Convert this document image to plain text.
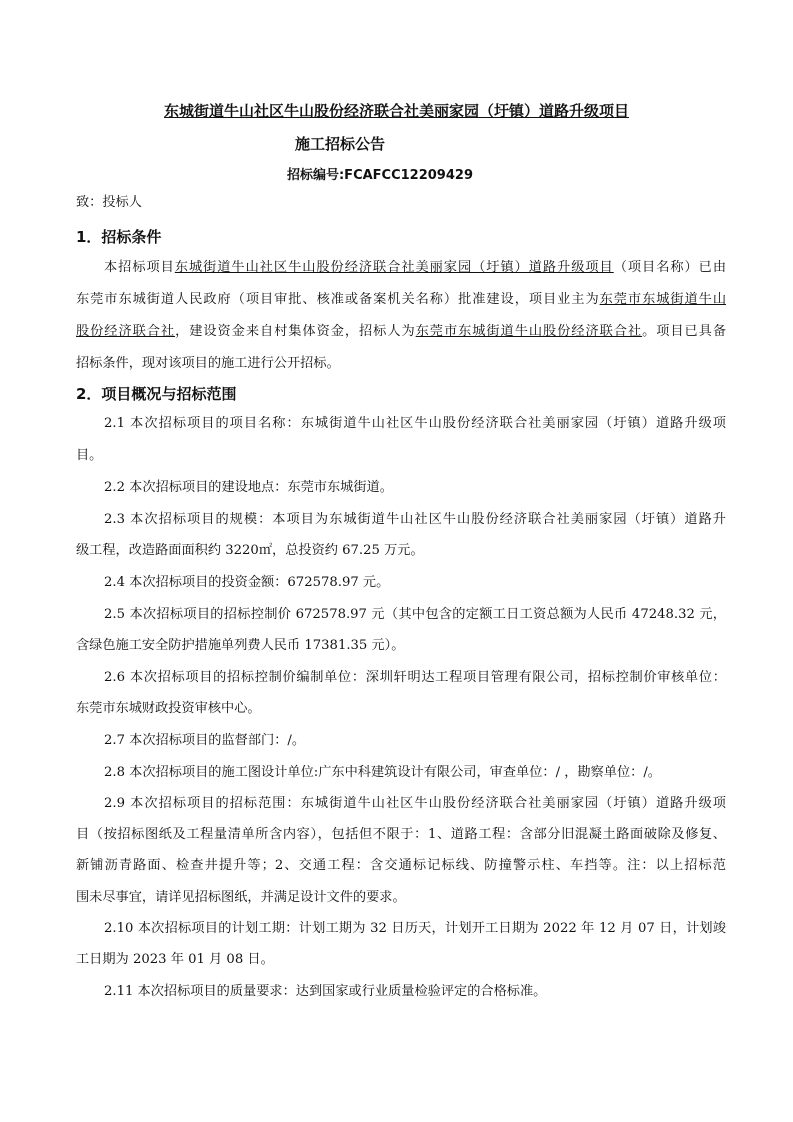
东城街道牛山社区牛山股份经济联合社美丽家园（圩镇）道路升级项目
施工招标公告
招标编号:FCAFCC12209429
致：投标人
1．招标条件
本招标项目东城街道牛山社区牛山股份经济联合社美丽家园（圩镇）道路升级项目（项目名称）已由
东莞市东城街道人民政府（项目审批、核准或备案机关名称）批准建设，项目业主为东莞市东城街道牛山
股份经济联合社，建设资金来自村集体资金，招标人为东莞市东城街道牛山股份经济联合社。项目已具备
招标条件，现对该项目的施工进行公开招标。
2．项目概况与招标范围
2.1 本次招标项目的项目名称：东城街道牛山社区牛山股份经济联合社美丽家园（圩镇）道路升级项
目。
2.2 本次招标项目的建设地点：东莞市东城街道。
2.3 本次招标项目的规模：本项目为东城街道牛山社区牛山股份经济联合社美丽家园（圩镇）道路升
级工程，改造路面面积约 3220㎡，总投资约 67.25 万元。
2.4 本次招标项目的投资金额：672578.97 元。
2.5 本次招标项目的招标控制价 672578.97 元（其中包含的定额工日工资总额为人民币 47248.32 元，
含绿色施工安全防护措施单列费人民币 17381.35 元）。
2.6 本次招标项目的招标控制价编制单位：深圳轩明达工程项目管理有限公司，招标控制价审核单位：
东莞市东城财政投资审核中心。
2.7 本次招标项目的监督部门：/。
2.8 本次招标项目的施工图设计单位:广东中科建筑设计有限公司，审查单位：/ ，勘察单位：/。
2.9 本次招标项目的招标范围：东城街道牛山社区牛山股份经济联合社美丽家园（圩镇）道路升级项
目（按招标图纸及工程量清单所含内容），包括但不限于：1、道路工程：含部分旧混凝土路面破除及修复、
新铺沥青路面、检查井提升等；2、交通工程：含交通标记标线、防撞警示柱、车挡等。注：以上招标范
围未尽事宜，请详见招标图纸，并满足设计文件的要求。
2.10 本次招标项目的计划工期：计划工期为 32 日历天，计划开工日期为 2022 年 12 月 07 日，计划竣
工日期为 2023 年 01 月 08 日。
2.11 本次招标项目的质量要求：达到国家或行业质量检验评定的合格标准。
